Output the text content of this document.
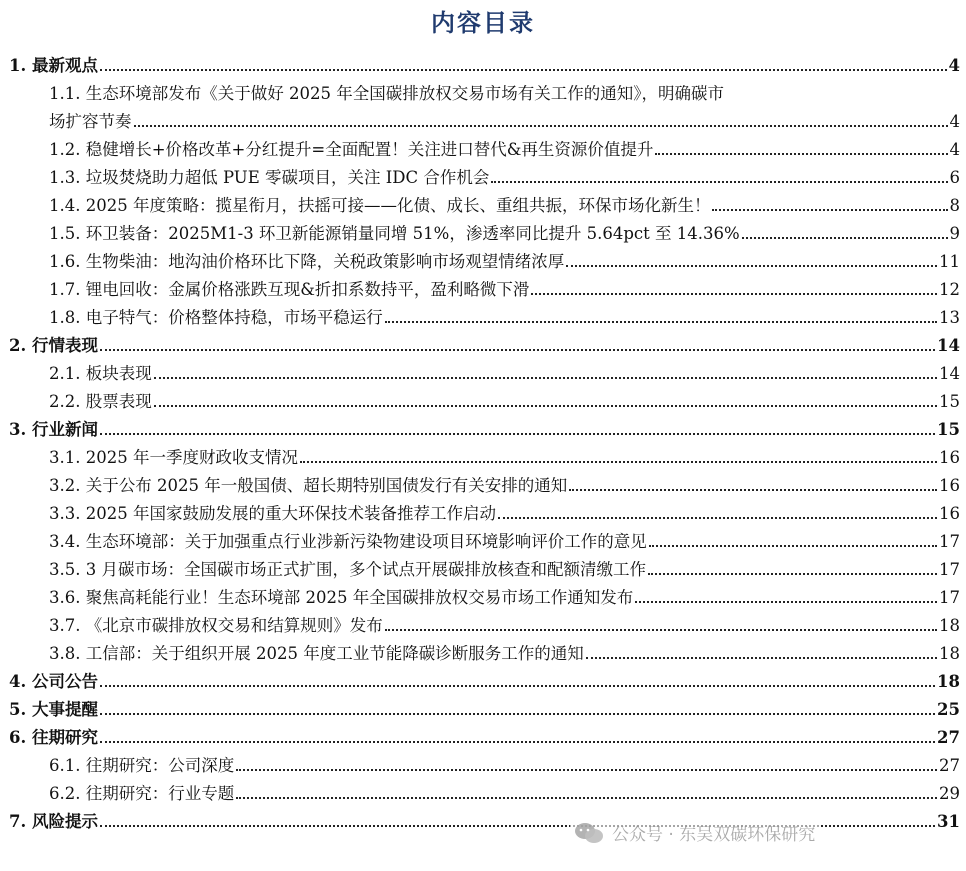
内容目录
1. 最新观点	4
1.1. 生态环境部发布《关于做好 2025 年全国碳排放权交易市场有关工作的通知》，明确碳市
场扩容节奏	4
1.2. 稳健增长+价格改革+分红提升=全面配置！关注进口替代&再生资源价值提升	4
1.3. 垃圾焚烧助力超低 PUE 零碳项目，关注 IDC 合作机会	6
1.4. 2025 年度策略：揽星衔月，扶摇可接——化债、成长、重组共振，环保市场化新生！	8
1.5. 环卫装备：2025M1-3 环卫新能源销量同增 51%，渗透率同比提升 5.64pct 至 14.36%	9
1.6. 生物柴油：地沟油价格环比下降，关税政策影响市场观望情绪浓厚	11
1.7. 锂电回收：金属价格涨跌互现&折扣系数持平，盈利略微下滑	12
1.8. 电子特气：价格整体持稳，市场平稳运行	13
2. 行情表现	14
2.1. 板块表现	14
2.2. 股票表现	15
3. 行业新闻	15
3.1. 2025 年一季度财政收支情况	16
3.2. 关于公布 2025 年一般国债、超长期特别国债发行有关安排的通知	16
3.3. 2025 年国家鼓励发展的重大环保技术装备推荐工作启动	16
3.4. 生态环境部：关于加强重点行业涉新污染物建设项目环境影响评价工作的意见	17
3.5. 3 月碳市场：全国碳市场正式扩围，多个试点开展碳排放核查和配额清缴工作	17
3.6. 聚焦高耗能行业！生态环境部 2025 年全国碳排放权交易市场工作通知发布	17
3.7. 《北京市碳排放权交易和结算规则》发布	18
3.8. 工信部：关于组织开展 2025 年度工业节能降碳诊断服务工作的通知	18
4. 公司公告	18
5. 大事提醒	25
6. 往期研究	27
6.1. 往期研究：公司深度	27
6.2. 往期研究：行业专题	29
7. 风险提示	31
公众号 · 东吴双碳环保研究
